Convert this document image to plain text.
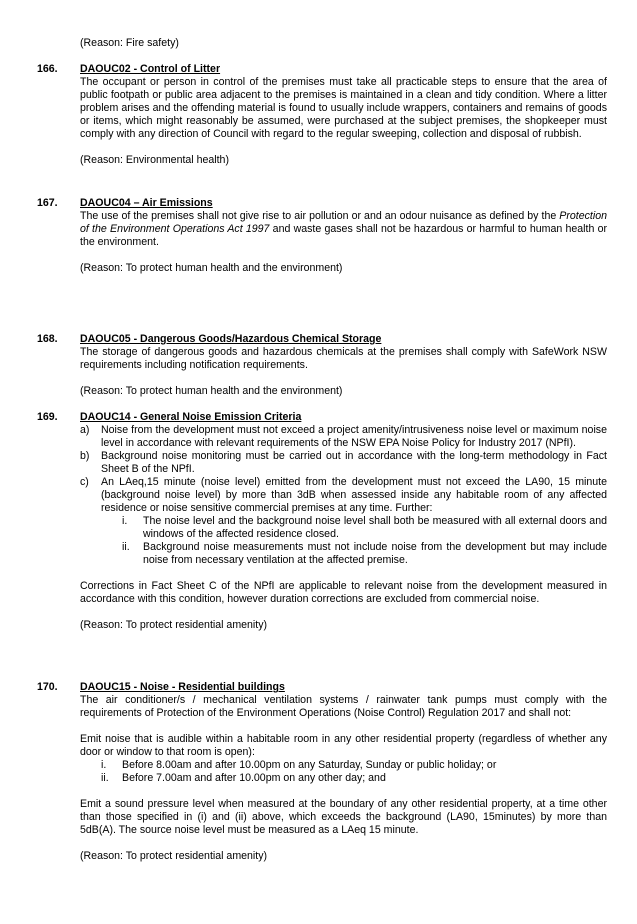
(Reason: Fire safety)
166.	DAOUC02 - Control of Litter

The occupant or person in control of the premises must take all practicable steps to ensure that the area of public footpath or public area adjacent to the premises is maintained in a clean and tidy condition. Where a litter problem arises and the offending material is found to usually include wrappers, containers and remains of goods or items, which might reasonably be assumed, were purchased at the subject premises, the shopkeeper must comply with any direction of Council with regard to the regular sweeping, collection and disposal of rubbish.

(Reason: Environmental health)

167.	DAOUC04 – Air Emissions

The use of the premises shall not give rise to air pollution or and an odour nuisance as defined by the Protection of the Environment Operations Act 1997 and waste gases shall not be hazardous or harmful to human health or the environment.

(Reason: To protect human health and the environment)

168.	DAOUC05 - Dangerous Goods/Hazardous Chemical Storage

The storage of dangerous goods and hazardous chemicals at the premises shall comply with SafeWork NSW requirements including notification requirements.

(Reason: To protect human health and the environment)

169.	DAOUC14 - General Noise Emission Criteria
a)	Noise from the development must not exceed a project amenity/intrusiveness noise level or maximum noise level in accordance with relevant requirements of the NSW EPA Noise Policy for Industry 2017 (NPfI).
b)	Background noise monitoring must be carried out in accordance with the long-term methodology in Fact Sheet B of the NPfI.
c)	An LAeq,15 minute (noise level) emitted from the development must not exceed the LA90, 15 minute (background noise level) by more than 3dB when assessed inside any habitable room of any affected residence or noise sensitive commercial premises at any time. Further:
i.	The noise level and the background noise level shall both be measured with all external doors and windows of the affected residence closed.
ii.	Background noise measurements must not include noise from the development but may include noise from necessary ventilation at the affected premise.

Corrections in Fact Sheet C of the NPfI are applicable to relevant noise from the development measured in accordance with this condition, however duration corrections are excluded from commercial noise.

(Reason: To protect residential amenity)

170.	DAOUC15 - Noise - Residential buildings

The air conditioner/s / mechanical ventilation systems / rainwater tank pumps must comply with the requirements of Protection of the Environment Operations (Noise Control) Regulation 2017 and shall not:

Emit noise that is audible within a habitable room in any other residential property (regardless of whether any door or window to that room is open):

i.	Before 8.00am and after 10.00pm on any Saturday, Sunday or public holiday; or
ii.	Before 7.00am and after 10.00pm on any other day; and

Emit a sound pressure level when measured at the boundary of any other residential property, at a time other than those specified in (i) and (ii) above, which exceeds the background (LA90, 15minutes) by more than 5dB(A). The source noise level must be measured as a LAeq 15 minute.

(Reason: To protect residential amenity)
